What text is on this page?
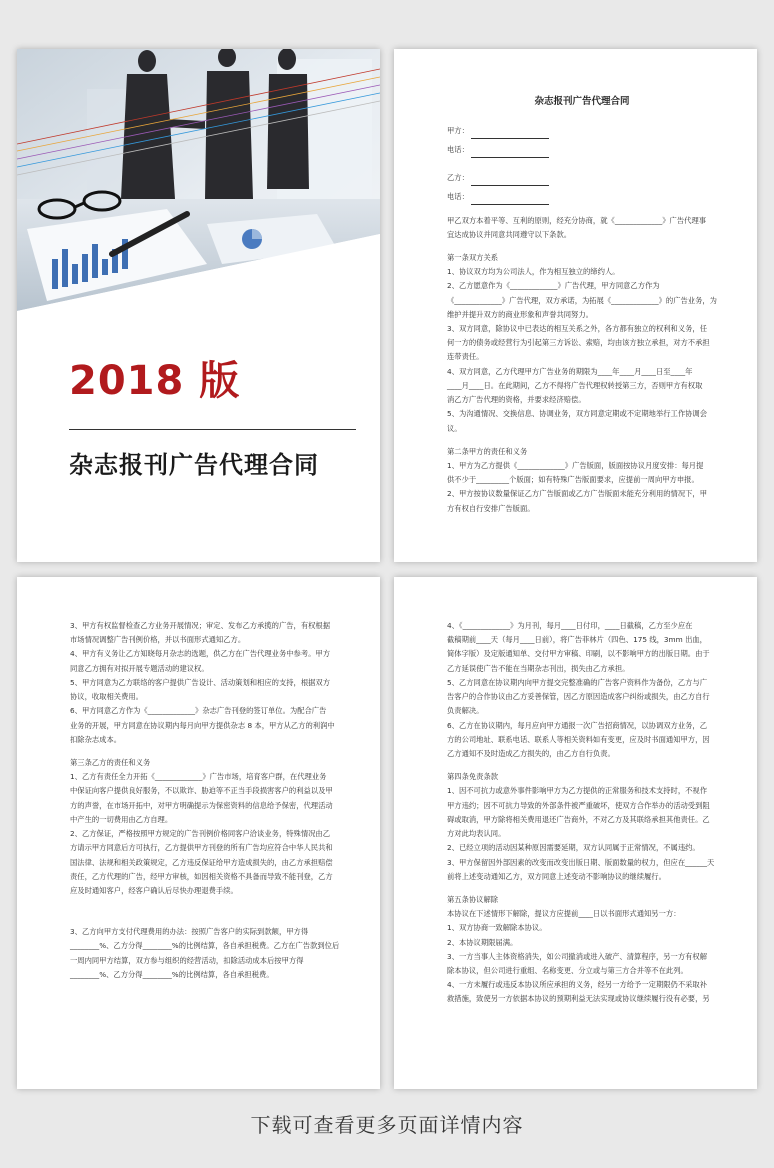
2018 版
杂志报刊广告代理合同
杂志报刊广告代理合同
甲方：
电话：
乙方：
电话：

甲乙双方本着平等、互利的原则，经充分协商，就《_____________》广告代理事

宜达成协议并同意共同遵守以下条款。

第一条双方关系

1、协议双方均为公司法人，作为相互独立的缔约人。

2、乙方愿意作为《_____________》广告代理，甲方同意乙方作为

《_____________》广告代理，双方承诺，为拓展《_____________》的广告业务，为

维护并提升双方的商业形象和声誉共同努力。

3、双方同意，除协议中已表达的相互关系之外，各方都有独立的权利和义务，任

何一方的债务或经营行为引起第三方诉讼、索赔，均由该方独立承担，对方不承担

连带责任。

4、双方同意，乙方代理甲方广告业务的期限为____年____月____日至____年

____月____日。在此期间，乙方不得将广告代理权转授第三方，否则甲方有权取

消乙方广告代理的资格，并要求经济赔偿。

5、为沟通情况、交换信息、协调业务，双方同意定期或不定期地举行工作协调会

议。

第二条甲方的责任和义务

1、甲方为乙方提供《_____________》广告版面，版面按协议月度安排：每月提

供不少于_________个版面；如有特殊广告版面要求，应提前一周向甲方申报。

2、甲方按协议数量保证乙方广告版面或乙方广告版面未能充分利用的情况下，甲

方有权自行安排广告版面。

3、甲方有权监督检查乙方业务开展情况；审定、发布乙方承揽的广告，有权根据

市场情况调整广告刊例价格，并以书面形式通知乙方。

4、甲方有义务让乙方知晓每月杂志的选题，供乙方在广告代理业务中参考。甲方

同意乙方拥有对拟开展专题活动的建议权。

5、甲方同意为乙方联络的客户提供广告设计、活动策划和相应的支持，根据双方

协议，收取相关费用。

6、甲方同意乙方作为《_____________》杂志广告刊登的签订单位。为配合广告

业务的开展，甲方同意在协议期内每月向甲方提供杂志 8 本，甲方从乙方的利润中

扣除杂志成本。

第三条乙方的责任和义务

1、乙方有责任全力开拓《_____________》广告市场，培育客户群，在代理业务

中保证向客户提供良好服务，不以欺诈、胁迫等不正当手段损害客户的利益以及甲

方的声誉，在市场开拓中，对甲方明确提示为保密资料的信息给予保密，代理活动

中产生的一切费用由乙方自理。

2、乙方保证，严格按照甲方规定的广告刊例价格同客户洽谈业务，特殊情况由乙

方请示甲方同意后方可执行，乙方提供甲方刊登的所有广告均应符合中华人民共和

国法律、法规和相关政策规定，乙方违反保证给甲方造成损失的，由乙方承担赔偿

责任，乙方代理的广告，经甲方审核，如因相关资格不具备而导致不能刊登，乙方

应及时通知客户，经客户确认后尽快办理退费手续。

3、乙方向甲方支付代理费用的办法：按照广告客户的实际到款额，甲方得

________%、乙方分得________%的比例结算，各自承担税费。乙方在广告款到位后

一周内同甲方结算，双方参与组织的经营活动，扣除活动成本后按甲方得

________%、乙方分得________%的比例结算，各自承担税费。

4、《_____________》为月刊，每月____日付印，____日截稿，乙方至少应在

截稿期前____天（每月____日前），将广告菲林片（四色、175 线，3mm 出血，

简体字版）及定版通知单、交付甲方审稿、印刷，以不影响甲方的出版日期。由于

乙方延误使广告不能在当期杂志刊出，损失由乙方承担。

5、乙方同意在协议期内向甲方提交完整准确的广告客户资料作为备份，乙方与广

告客户的合作协议由乙方妥善保管，因乙方原因造成客户纠纷或损失，由乙方自行

负责解决。

6、乙方在协议期内，每月应向甲方通报一次广告招商情况，以协调双方业务，乙

方的公司地址、联系电话、联系人等相关资料如有变更，应及时书面通知甲方，因

乙方通知不及时造成乙方损失的，由乙方自行负责。

第四条免责条款

1、因不可抗力或意外事件影响甲方为乙方提供的正常服务和技术支持时，不视作

甲方违约；因不可抗力导致的外部条件被严重破坏，使双方合作举办的活动受到阻

碍或取消，甲方除将相关费用退还广告商外，不对乙方及其联络承担其他责任。乙

方对此均表认同。

2、已经立项的活动因某种原因需要延期，双方认同属于正常情况，不属违约。

3、甲方保留因外部因素的改变而改变出版日期、版面数量的权力，但应在______天

前将上述变动通知乙方，双方同意上述变动不影响协议的继续履行。

第五条协议解除

本协议在下述情形下解除，提议方应提前____日以书面形式通知另一方：

1、双方协商一致解除本协议。

2、本协议期限届满。

3、一方当事人主体资格消失，如公司撤消或进入破产、清算程序，另一方有权解

除本协议，但公司进行重组、名称变更、分立或与第三方合并等不在此列。

4、一方未履行或违反本协议所应承担的义务，经另一方给予一定期限仍不采取补

救措施，致使另一方依据本协议的预期利益无法实现或协议继续履行没有必要，另

下载可查看更多页面详情内容
